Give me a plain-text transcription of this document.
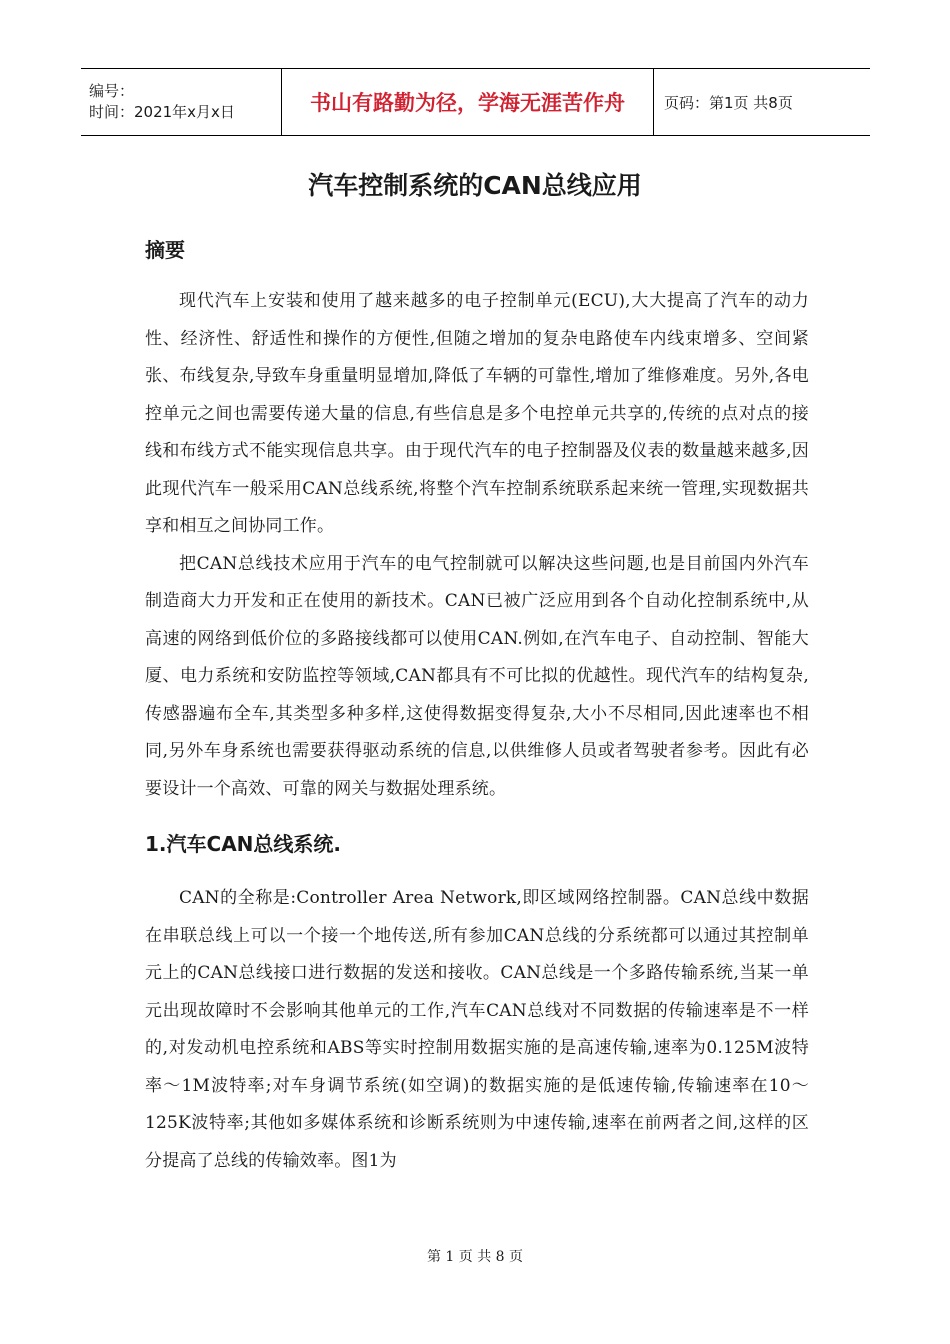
编号：
时间：2021年x月x日	书山有路勤为径，学海无涯苦作舟	页码：第1页 共8页
汽车控制系统的CAN总线应用
摘要

现代汽车上安装和使用了越来越多的电子控制单元(ECU),大大提高了汽车的动力性、经济性、舒适性和操作的方便性,但随之增加的复杂电路使车内线束增多、空间紧张、布线复杂,导致车身重量明显增加,降低了车辆的可靠性,增加了维修难度。另外,各电控单元之间也需要传递大量的信息,有些信息是多个电控单元共享的,传统的点对点的接线和布线方式不能实现信息共享。由于现代汽车的电子控制器及仪表的数量越来越多,因此现代汽车一般采用CAN总线系统,将整个汽车控制系统联系起来统一管理,实现数据共享和相互之间协同工作。

把CAN总线技术应用于汽车的电气控制就可以解决这些问题,也是目前国内外汽车制造商大力开发和正在使用的新技术。CAN已被广泛应用到各个自动化控制系统中,从高速的网络到低价位的多路接线都可以使用CAN.例如,在汽车电子、自动控制、智能大厦、电力系统和安防监控等领域,CAN都具有不可比拟的优越性。现代汽车的结构复杂,传感器遍布全车,其类型多种多样,这使得数据变得复杂,大小不尽相同,因此速率也不相同,另外车身系统也需要获得驱动系统的信息,以供维修人员或者驾驶者参考。因此有必要设计一个高效、可靠的网关与数据处理系统。

1.汽车CAN总线系统.

CAN的全称是:Controller Area Network,即区域网络控制器。CAN总线中数据在串联总线上可以一个接一个地传送,所有参加CAN总线的分系统都可以通过其控制单元上的CAN总线接口进行数据的发送和接收。CAN总线是一个多路传输系统,当某一单元出现故障时不会影响其他单元的工作,汽车CAN总线对不同数据的传输速率是不一样的,对发动机电控系统和ABS等实时控制用数据实施的是高速传输,速率为0.125M波特率～1M波特率;对车身调节系统(如空调)的数据实施的是低速传输,传输速率在10～125K波特率;其他如多媒体系统和诊断系统则为中速传输,速率在前两者之间,这样的区分提高了总线的传输效率。图1为

第 1 页 共 8 页
